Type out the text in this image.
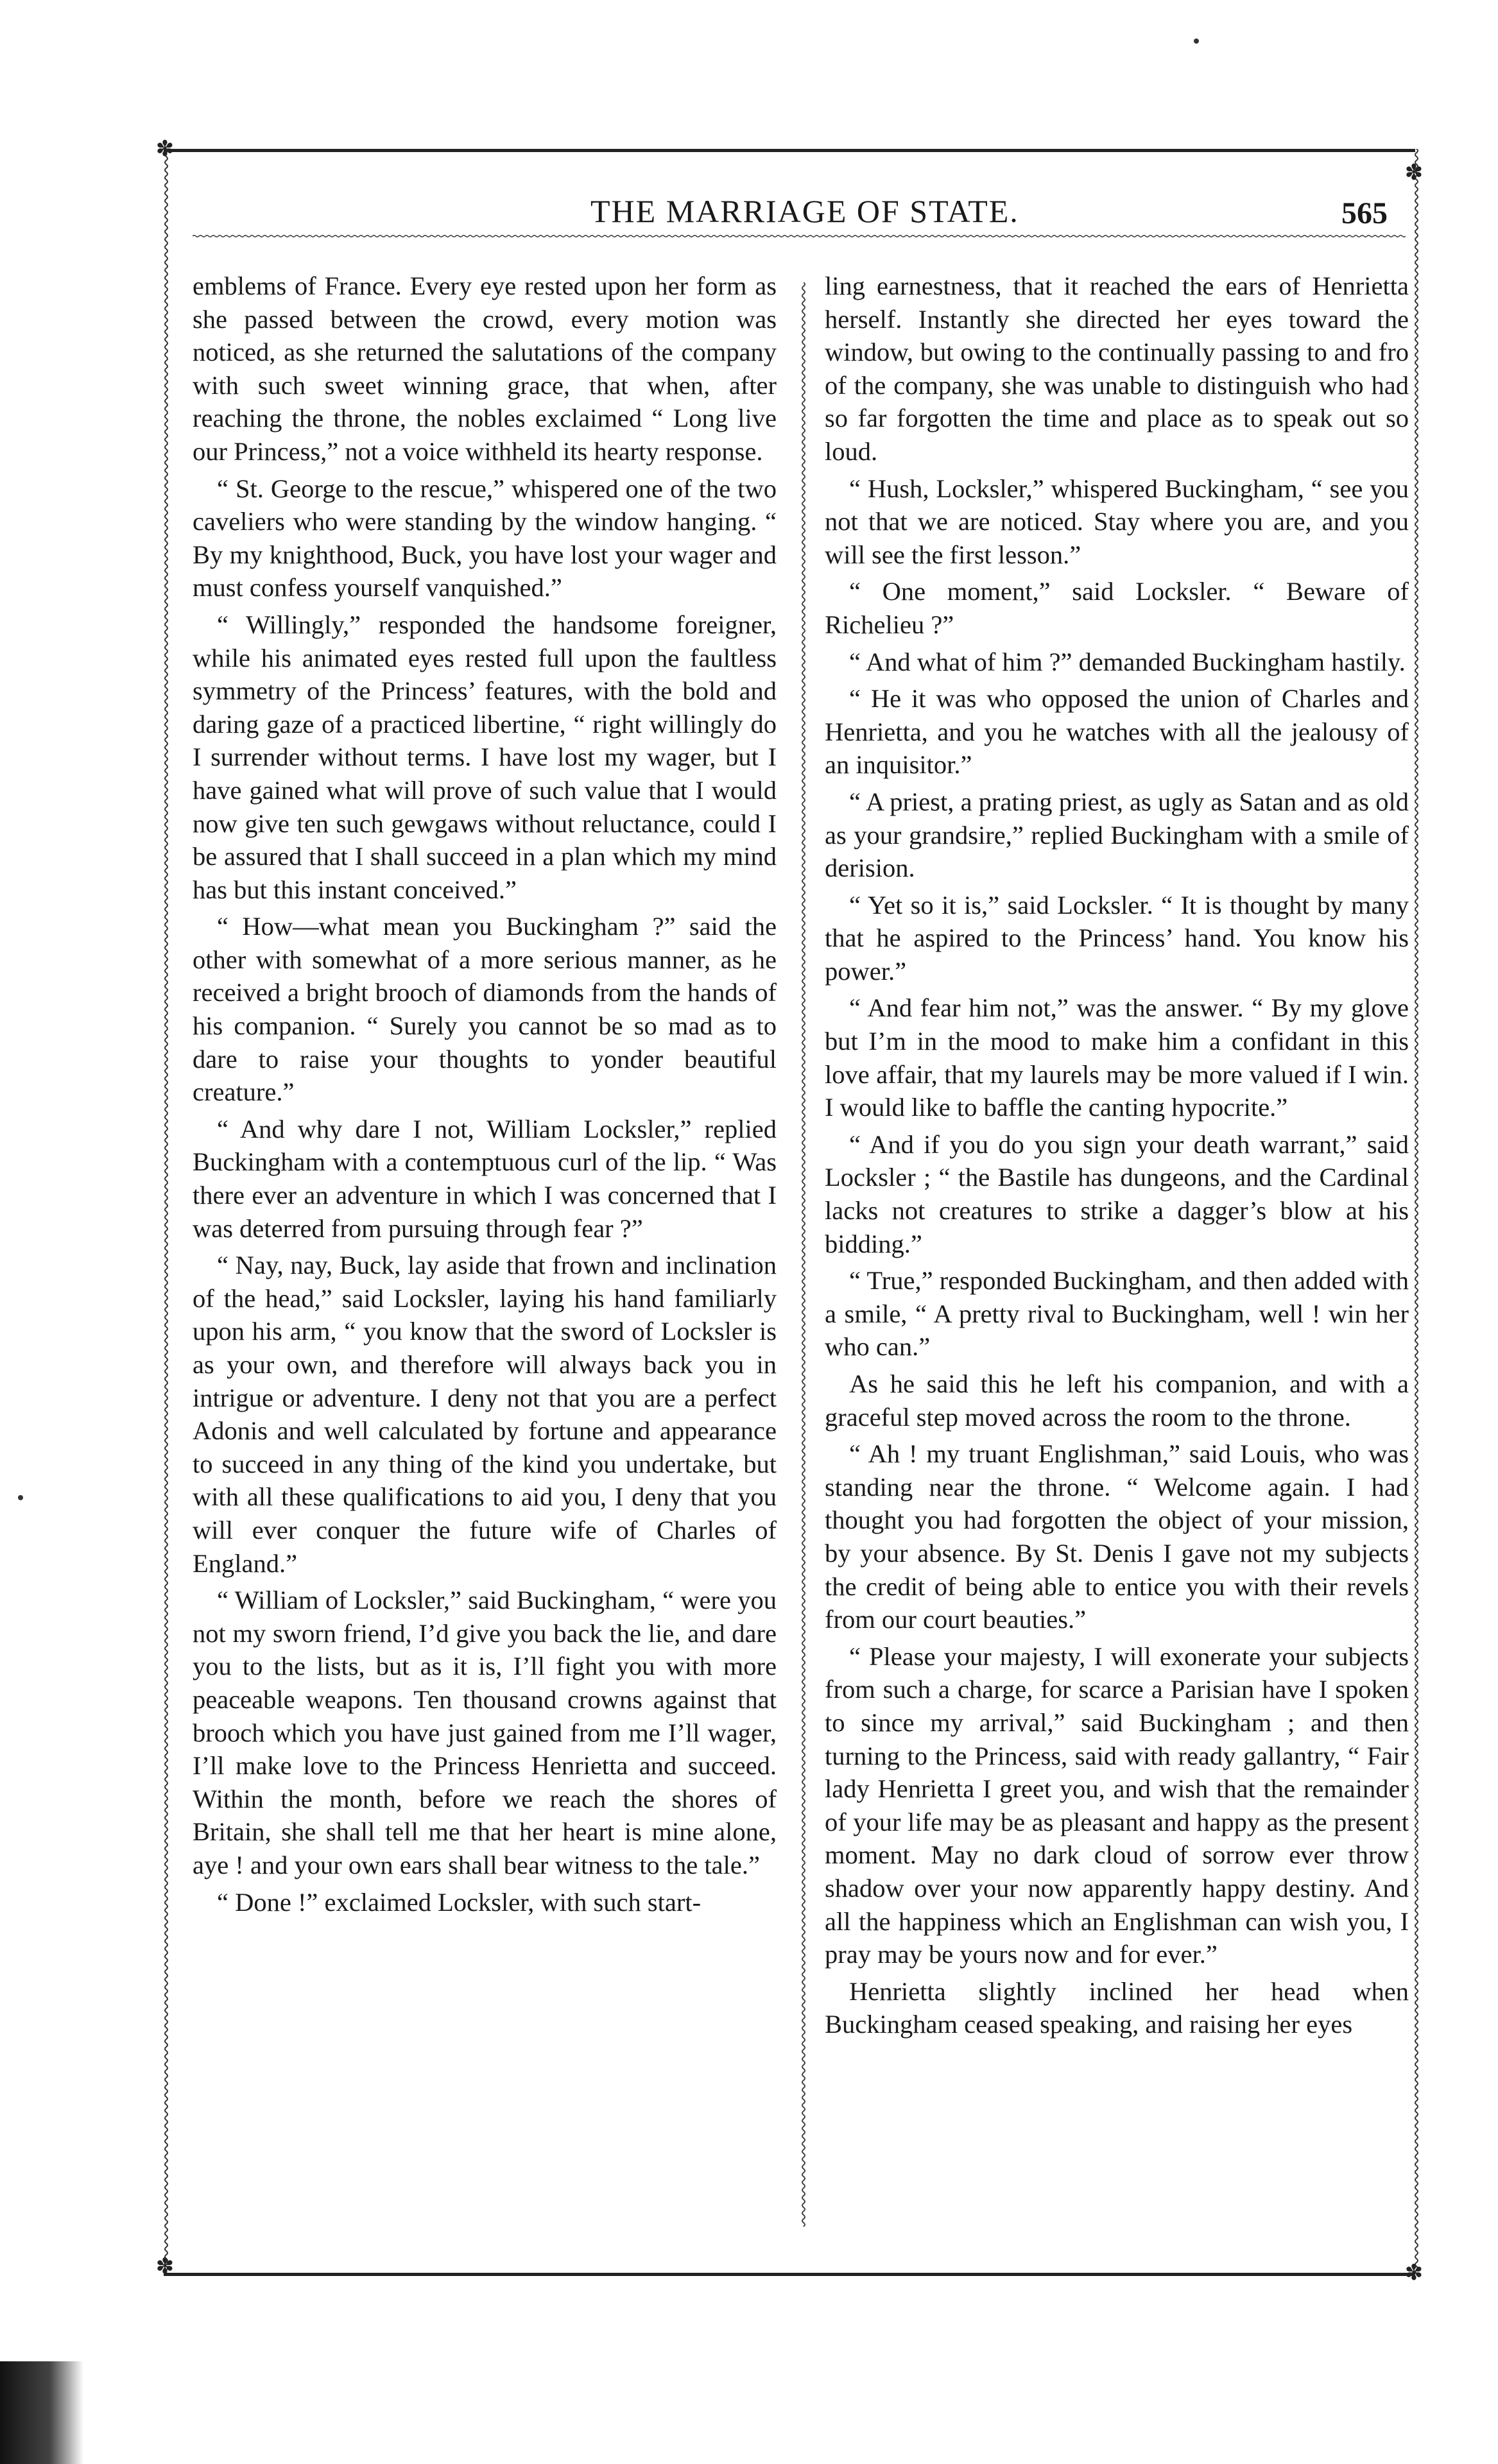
✽
✽
✽	✽
THE MARRIAGE OF STATE.	565

emblems of France. Every eye rested upon her form as she passed between the crowd, every motion was noticed, as she returned the salutations of the company with such sweet winning grace, that when, after reaching the throne, the nobles exclaimed “ Long live our Princess,” not a voice withheld its hearty response.

“ St. George to the rescue,” whispered one of the two caveliers who were standing by the window hanging. “ By my knighthood, Buck, you have lost your wager and must confess yourself vanquished.”

“ Willingly,” responded the handsome foreigner, while his animated eyes rested full upon the faultless symmetry of the Princess’ features, with the bold and daring gaze of a practiced libertine, “ right willingly do I surrender without terms. I have lost my wager, but I have gained what will prove of such value that I would now give ten such gewgaws without reluctance, could I be assured that I shall succeed in a plan which my mind has but this instant conceived.”

“ How—what mean you Buckingham ?” said the other with somewhat of a more serious manner, as he received a bright brooch of diamonds from the hands of his companion. “ Surely you cannot be so mad as to dare to raise your thoughts to yonder beautiful creature.”

“ And why dare I not, William Locksler,” replied Buckingham with a contemptuous curl of the lip. “ Was there ever an adventure in which I was concerned that I was deterred from pursuing through fear ?”

“ Nay, nay, Buck, lay aside that frown and inclination of the head,” said Locksler, laying his hand familiarly upon his arm, “ you know that the sword of Locksler is as your own, and therefore will always back you in intrigue or adventure. I deny not that you are a perfect Adonis and well calculated by fortune and appearance to succeed in any thing of the kind you undertake, but with all these qualifications to aid you, I deny that you will ever conquer the future wife of Charles of England.”

“ William of Locksler,” said Buckingham, “ were you not my sworn friend, I’d give you back the lie, and dare you to the lists, but as it is, I’ll fight you with more peaceable weapons. Ten thousand crowns against that brooch which you have just gained from me I’ll wager, I’ll make love to the Princess Henrietta and succeed. Within the month, before we reach the shores of Britain, she shall tell me that her heart is mine alone, aye ! and your own ears shall bear witness to the tale.”

“ Done !” exclaimed Locksler, with such start-

ling earnestness, that it reached the ears of Henrietta herself. Instantly she directed her eyes toward the window, but owing to the continually passing to and fro of the company, she was unable to distinguish who had so far forgotten the time and place as to speak out so loud.

“ Hush, Locksler,” whispered Buckingham, “ see you not that we are noticed. Stay where you are, and you will see the first lesson.”

“ One moment,” said Locksler. “ Beware of Richelieu ?”

“ And what of him ?” demanded Buckingham hastily.

“ He it was who opposed the union of Charles and Henrietta, and you he watches with all the jealousy of an inquisitor.”

“ A priest, a prating priest, as ugly as Satan and as old as your grandsire,” replied Buckingham with a smile of derision.

“ Yet so it is,” said Locksler. “ It is thought by many that he aspired to the Princess’ hand. You know his power.”

“ And fear him not,” was the answer. “ By my glove but I’m in the mood to make him a confidant in this love affair, that my laurels may be more valued if I win. I would like to baffle the canting hypocrite.”

“ And if you do you sign your death warrant,” said Locksler ; “ the Bastile has dungeons, and the Cardinal lacks not creatures to strike a dagger’s blow at his bidding.”

“ True,” responded Buckingham, and then added with a smile, “ A pretty rival to Buckingham, well ! win her who can.”

As he said this he left his companion, and with a graceful step moved across the room to the throne.

“ Ah ! my truant Englishman,” said Louis, who was standing near the throne. “ Welcome again. I had thought you had forgotten the object of your mission, by your absence. By St. Denis I gave not my subjects the credit of being able to entice you with their revels from our court beauties.”

“ Please your majesty, I will exonerate your subjects from such a charge, for scarce a Parisian have I spoken to since my arrival,” said Buckingham ; and then turning to the Princess, said with ready gallantry, “ Fair lady Henrietta I greet you, and wish that the remainder of your life may be as pleasant and happy as the present moment. May no dark cloud of sorrow ever throw shadow over your now apparently happy destiny. And all the happiness which an Englishman can wish you, I pray may be yours now and for ever.”

Henrietta slightly inclined her head when Buckingham ceased speaking, and raising her eyes
